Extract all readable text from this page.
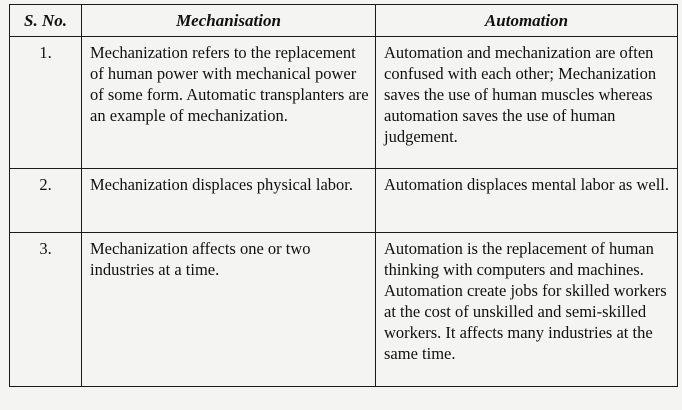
S. No.	Mechanisation	Automation
1.	Mechanization refers to the replacement of human power with mechanical power of some form. Automatic transplanters are an example of mechanization.	Automation and mechanization are often confused with each other; Mechanization saves the use of human muscles whereas automation saves the use of human judgement.
2.	Mechanization displaces physical labor.	Automation displaces mental labor as well.
3.	Mechanization affects one or two industries at a time.	Automation is the replacement of human thinking with computers and machines. Automation create jobs for skilled workers at the cost of unskilled and semi-skilled workers. It affects many industries at the same time.
